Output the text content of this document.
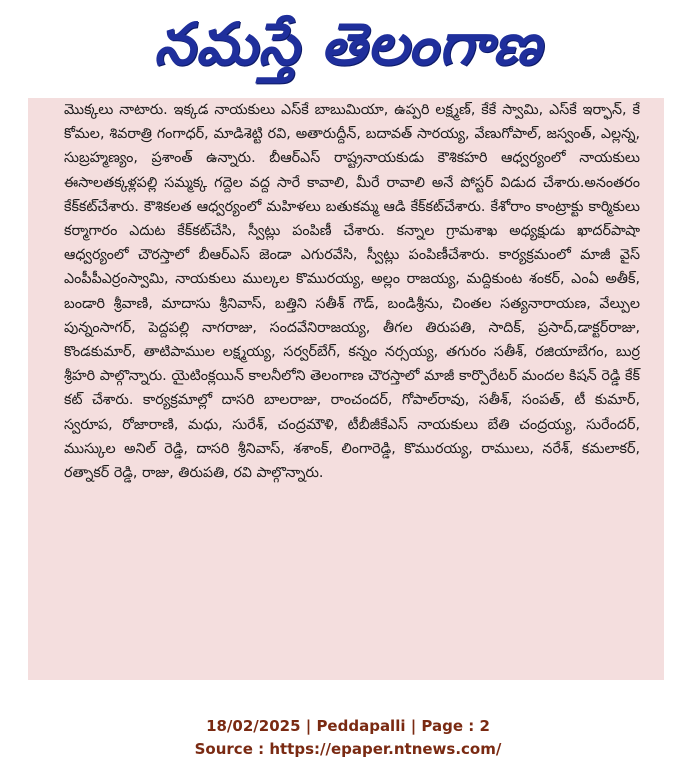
నమస్తే తెలంగాణ

మొక్కలు నాటారు. ఇక్కడ నాయకులు ఎస్‌కే బాబుమియా, ఉప్పరి లక్ష్మణ్, కేకే స్వామి, ఎస్‌కే ఇర్ఫాన్, కే కోమల, శివరాత్రి గంగాధర్, మాడిశెట్టి రవి, అతారుద్దీన్, బదావత్ సారయ్య, వేణుగోపాల్, జస్వంత్, ఎల్లన్న, సుబ్రహ్మణ్యం, ప్రశాంత్ ఉన్నారు. బీఆర్‌ఎస్ రాష్ట్రనాయకుడు కౌశికహరి ఆధ్వర్యంలో నాయకులు ఈసాలతక్కళ్లపల్లి సమ్మక్క గద్దెల వద్ద సారే కావాలి, మీరే రావాలి అనే పోస్టర్ విడుద చేశారు.అనంతరం కేక్‌కట్‌చేశారు. కౌశికలత ఆధ్వర్యంలో మహిళలు బతుకమ్మ ఆడి కేక్‌కట్‌చేశారు. కేశోరాం కాంట్రాక్టు కార్మికులు కర్మాగారం ఎదుట కేక్‌కట్‌చేసి, స్వీట్లు పంపిణీ చేశారు. కన్నాల గ్రామశాఖ అధ్యక్షుడు ఖాదర్‌పాషా ఆధ్వర్యంలో చౌరస్తాలో బీఆర్‌ఎస్ జెండా ఎగురవేసి, స్వీట్లు పంపిణీచేశారు. కార్యక్రమంలో మాజీ వైస్ ఎంపీపీఎర్రంస్వామి, నాయకులు ముల్కల కొమురయ్య, అల్లం రాజయ్య, మద్దికుంట శంకర్, ఎంఏ అతీక్, బండారి శ్రీవాణి, మాదాసు శ్రీనివాస్, బత్తిని సతీశ్ గౌడ్, బండిశ్రీను, చింతల సత్యనారాయణ, వేల్పుల పున్నంసాగర్, పెద్దపల్లి నాగరాజు, సందవేనిరాజయ్య, తీగల తిరుపతి, సాదిక్, ప్రసాద్,డాక్టర్‌రాజు, కొండకుమార్, తాటిపాముల లక్ష్మయ్య, సర్వర్‌బేగ్, కన్నం నర్సయ్య, తగురం సతీశ్, రజియాబేగం, బుర్ర శ్రీహరి పాల్గొన్నారు. యైటింక్లయిన్ కాలనీలోని తెలంగాణ చౌరస్తాలో మాజీ కార్పొరేటర్ మందల కిషన్ రెడ్డి కేక్ కట్ చేశారు. కార్యక్రమాల్లో దాసరి బాలరాజు, రాంచందర్, గోపాల్‌రావు, సతీశ్, సంపత్, టీ కుమార్, స్వరూప, రోజారాణి, మధు, సురేశ్, చంద్రమౌళి, టీబీజీకేఎస్ నాయకులు బేతి చంద్రయ్య, సురేందర్, ముస్కుల అనిల్ రెడ్డి, దాసరి శ్రీనివాస్, శశాంక్, లింగారెడ్డి, కొమురయ్య, రాములు, నరేశ్, కమలాకర్, రత్నాకర్ రెడ్డి, రాజు, తిరుపతి, రవి పాల్గొన్నారు.

18/02/2025 | Peddapalli | Page : 2
Source : https://epaper.ntnews.com/
